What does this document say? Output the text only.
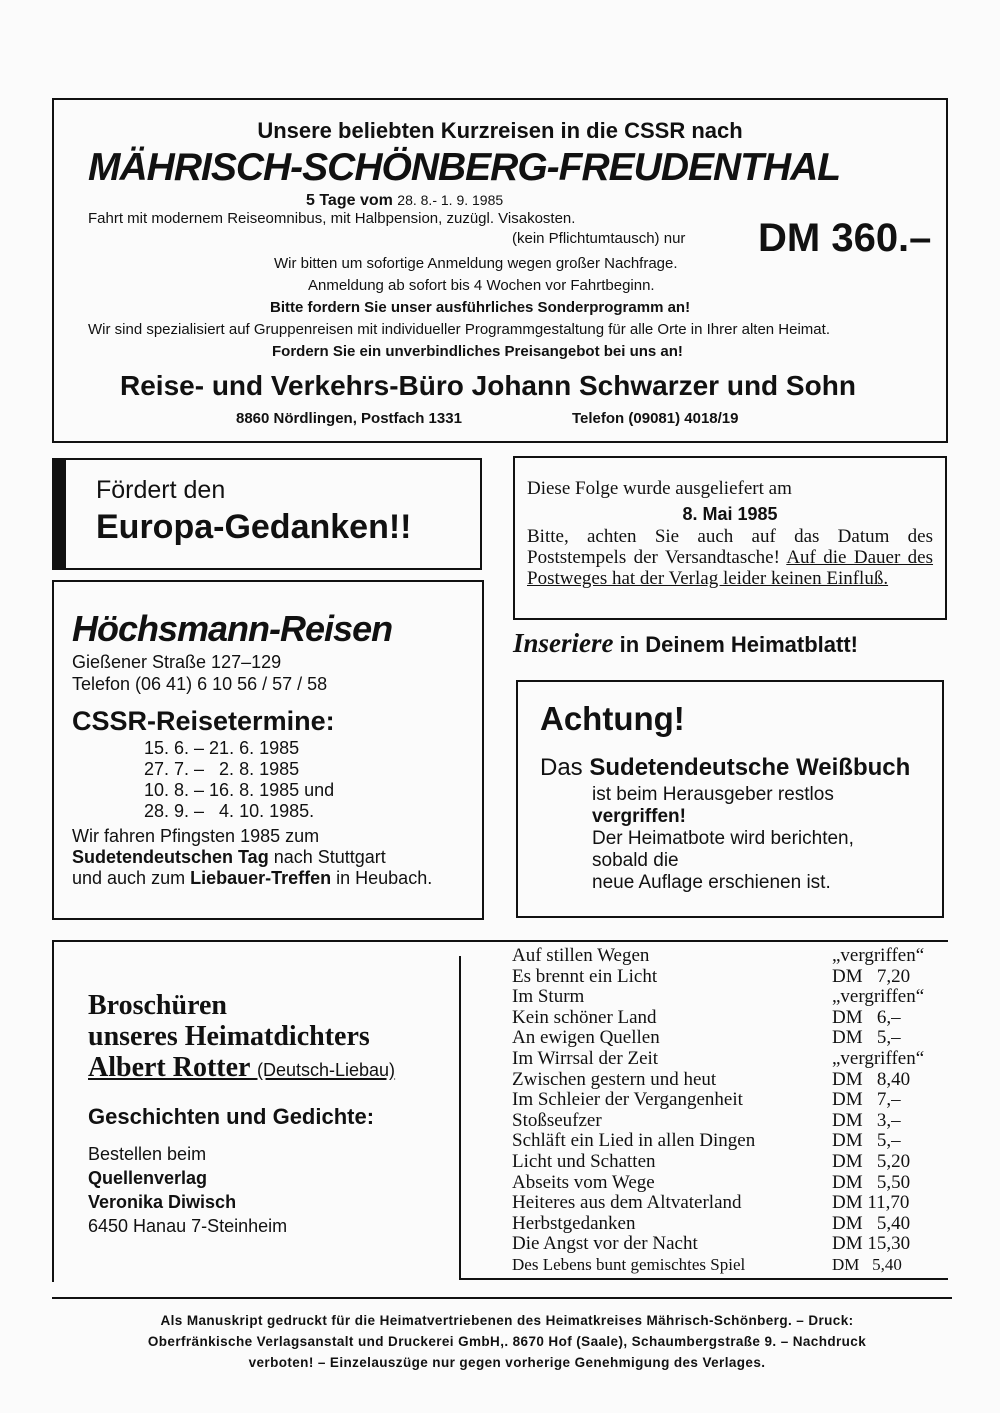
Unsere beliebten Kurzreisen in die CSSR nach
MÄHRISCH-SCHÖNBERG-FREUDENTHAL
5 Tage vom 28. 8.- 1. 9. 1985
Fahrt mit modernem Reiseomnibus, mit Halbpension, zuzügl. Visakosten.
(kein Pflichtumtausch) nur DM 360.–
Wir bitten um sofortige Anmeldung wegen großer Nachfrage.
Anmeldung ab sofort bis 4 Wochen vor Fahrtbeginn.
Bitte fordern Sie unser ausführliches Sonderprogramm an!
Wir sind spezialisiert auf Gruppenreisen mit individueller Programmgestaltung für alle Orte in Ihrer alten Heimat.
Fordern Sie ein unverbindliches Preisangebot bei uns an!
Reise- und Verkehrs-Büro Johann Schwarzer und Sohn
8860 Nördlingen, Postfach 1331	Telefon (09081) 4018/19
Fördert den
Europa-Gedanken!!
Diese Folge wurde ausgeliefert am
8. Mai 1985
Bitte, achten Sie auch auf das Datum des Poststempels der Versandtasche! Auf die Dauer des Postweges hat der Verlag leider keinen Einfluß.
Höchsmann-Reisen
Gießener Straße 127–129
Telefon (06 41) 6 10 56 / 57 / 58
CSSR-Reisetermine:
15. 6. – 21. 6. 1985
27. 7. –   2. 8. 1985
10. 8. – 16. 8. 1985 und
28. 9. –   4. 10. 1985.
Wir fahren Pfingsten 1985 zum
Sudetendeutschen Tag nach Stuttgart
und auch zum Liebauer-Treffen in Heubach.
Inseriere in Deinem Heimatblatt!
Achtung!
Das Sudetendeutsche Weißbuch
ist beim Herausgeber restlos
vergriffen!
Der Heimatbote wird berichten,
sobald die
neue Auflage erschienen ist.
Broschüren
unseres Heimatdichters
Albert Rotter (Deutsch-Liebau)
Geschichten und Gedichte:
Bestellen beim
Quellenverlag
Veronika Diwisch
6450 Hanau 7-Steinheim
Auf stillen Wegen	„vergriffen“
Es brennt ein Licht	DM   7,20
Im Sturm	„vergriffen“
Kein schöner Land	DM   6,–
An ewigen Quellen	DM   5,–
Im Wirrsal der Zeit	„vergriffen“
Zwischen gestern und heut	DM   8,40
Im Schleier der Vergangenheit	DM   7,–
Stoßseufzer	DM   3,–
Schläft ein Lied in allen Dingen	DM   5,–
Licht und Schatten	DM   5,20
Abseits vom Wege	DM   5,50
Heiteres aus dem Altvaterland	DM 11,70
Herbstgedanken	DM   5,40
Die Angst vor der Nacht	DM 15,30
Des Lebens bunt gemischtes Spiel	DM   5,40
Als Manuskript gedruckt für die Heimatvertriebenen des Heimatkreises Mährisch-Schönberg. – Druck:
Oberfränkische Verlagsanstalt und Druckerei GmbH,. 8670 Hof (Saale), Schaumbergstraße 9. – Nachdruck
verboten! – Einzelauszüge nur gegen vorherige Genehmigung des Verlages.
